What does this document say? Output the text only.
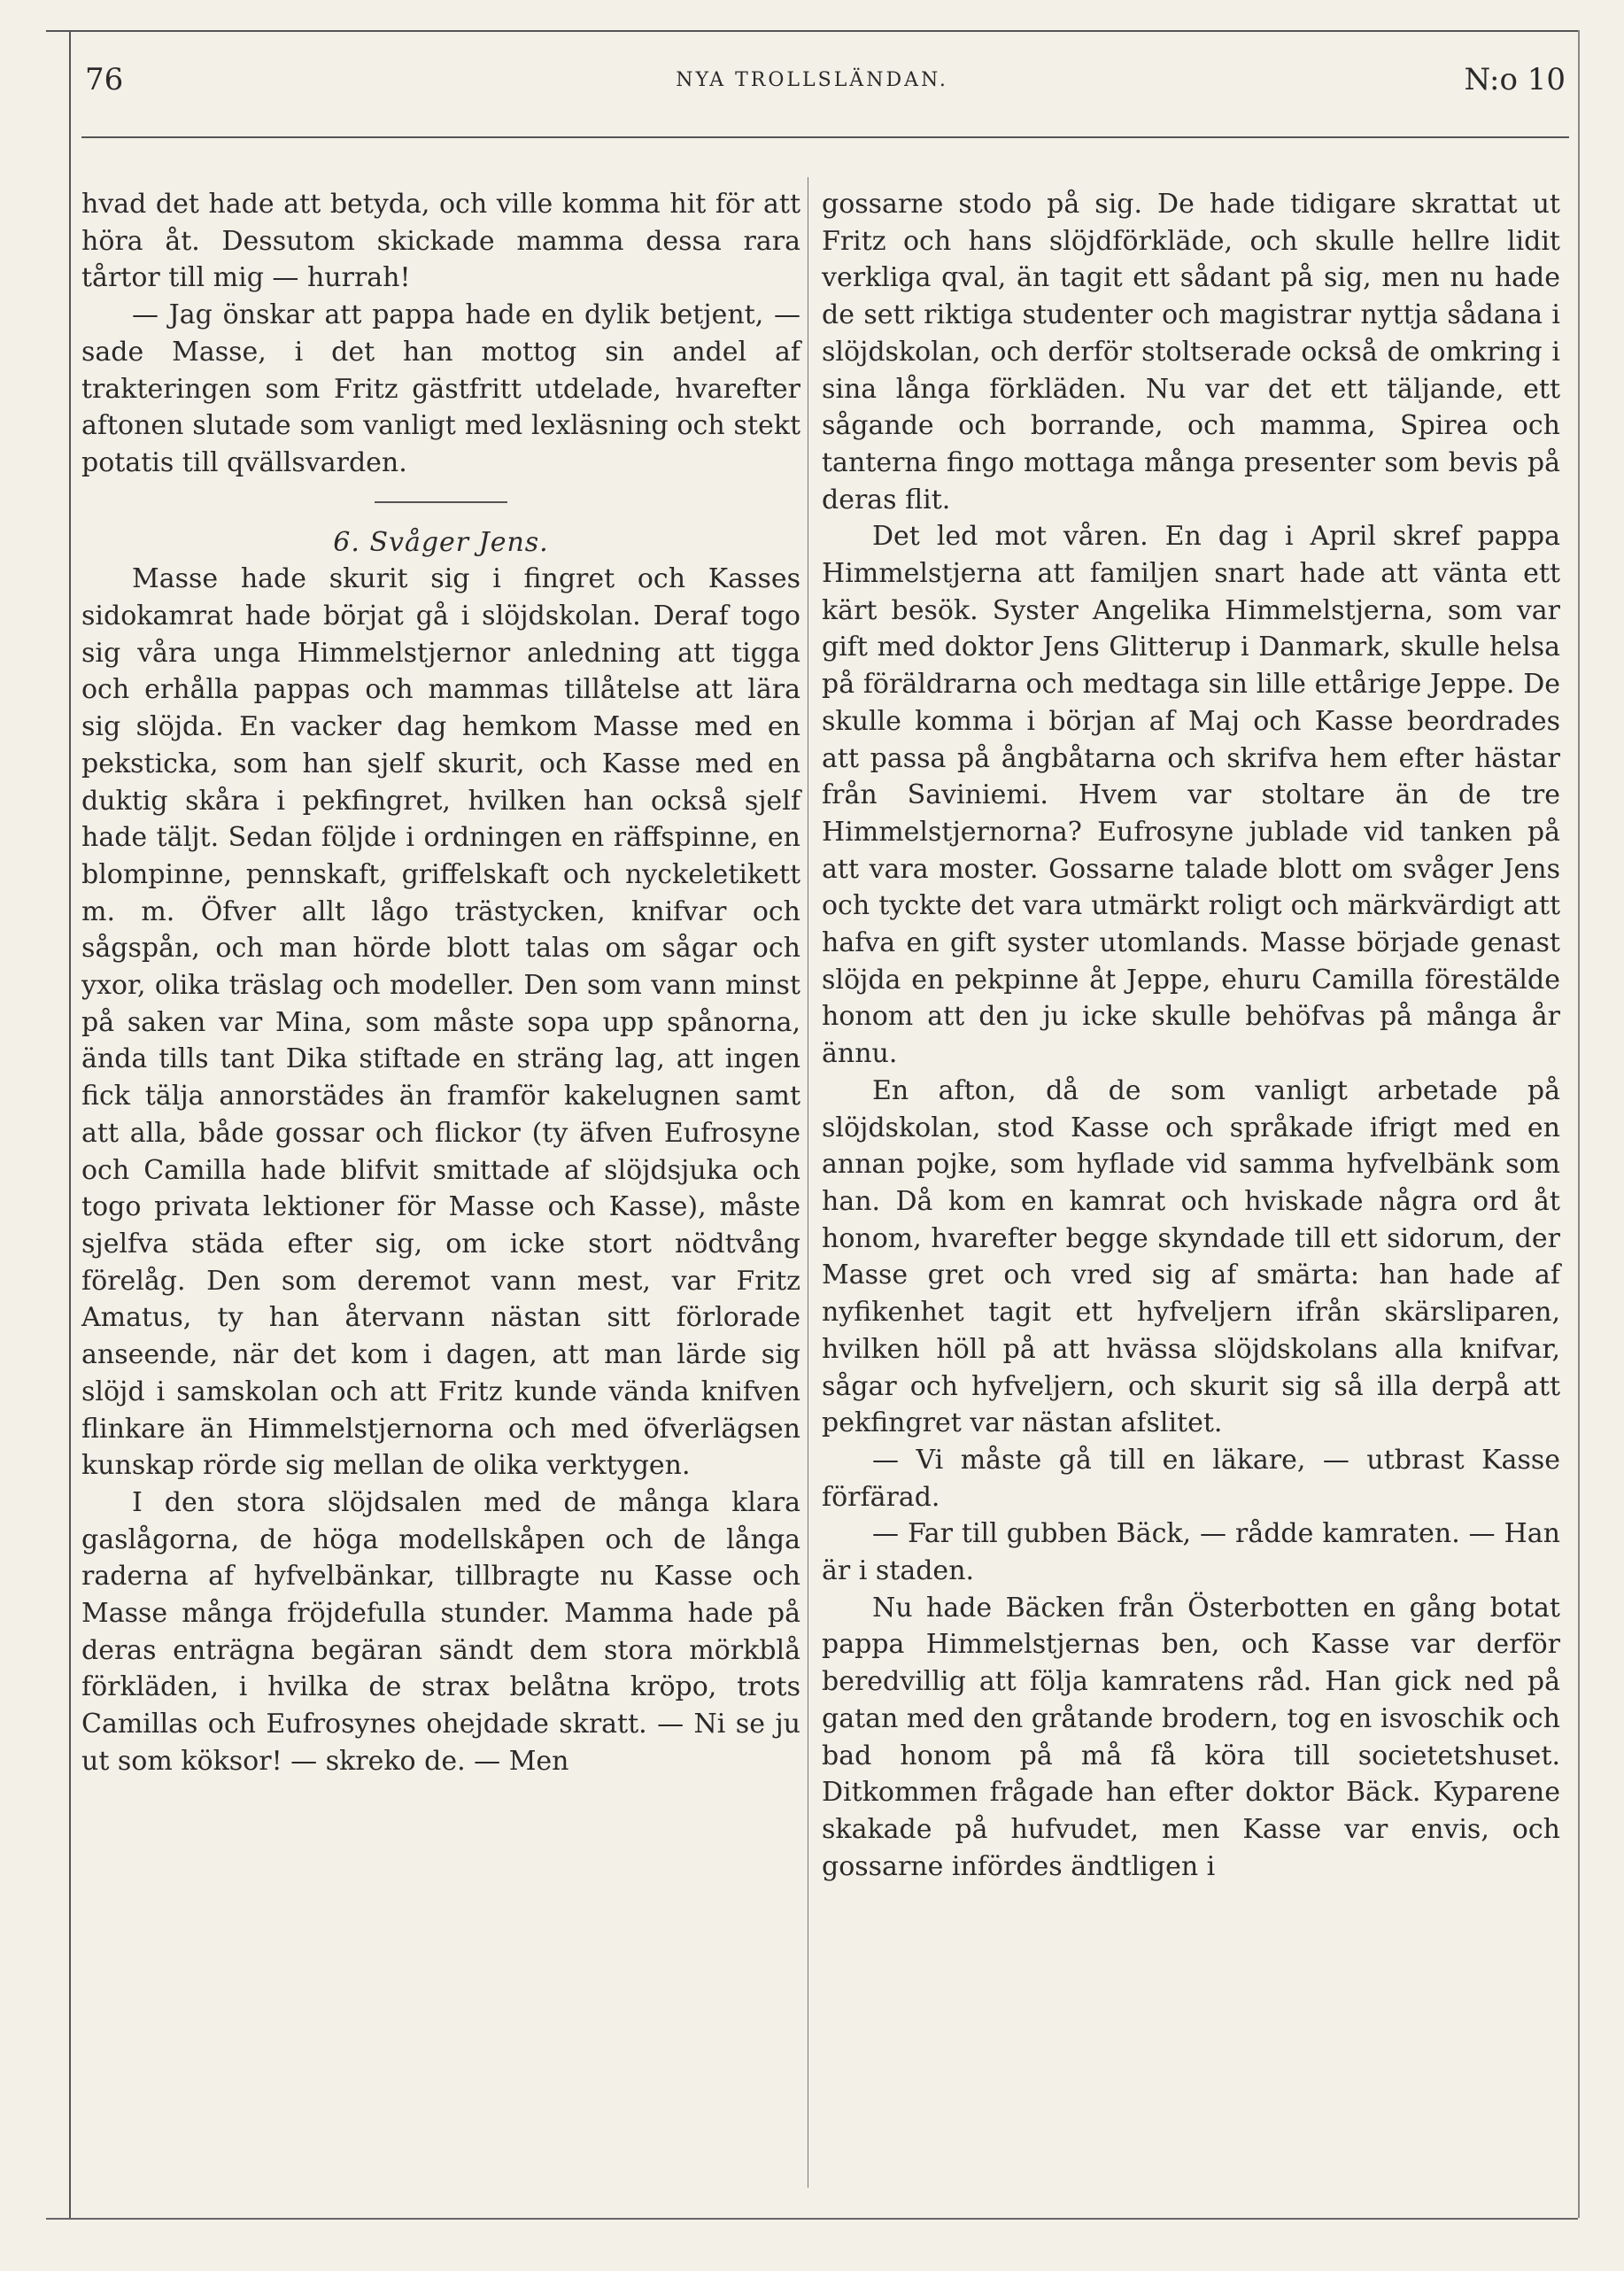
76	NYA TROLLSLÄNDAN.	N:o 10

hvad det hade att betyda, och ville komma hit för att höra åt. Dessutom skickade mamma dessa rara tårtor till mig — hurrah!

— Jag önskar att pappa hade en dylik betjent, — sade Masse, i det han mottog sin andel af trakteringen som Fritz gästfritt utdelade, hvarefter aftonen slutade som vanligt med lexläsning och stekt potatis till qvällsvarden.

6. Svåger Jens.

Masse hade skurit sig i fingret och Kasses sidokamrat hade börjat gå i slöjdskolan. Deraf togo sig våra unga Himmelstjernor anledning att tigga och erhålla pappas och mammas tillåtelse att lära sig slöjda. En vacker dag hemkom Masse med en peksticka, som han sjelf skurit, och Kasse med en duktig skåra i pekfingret, hvilken han också sjelf hade täljt. Sedan följde i ordningen en räffspinne, en blompinne, pennskaft, griffelskaft och nyckeletikett m. m. Öfver allt lågo trästycken, knifvar och sågspån, och man hörde blott talas om sågar och yxor, olika träslag och modeller. Den som vann minst på saken var Mina, som måste sopa upp spånorna, ända tills tant Dika stiftade en sträng lag, att ingen fick tälja annorstädes än framför kakelugnen samt att alla, både gossar och flickor (ty äfven Eufrosyne och Camilla hade blifvit smittade af slöjdsjuka och togo privata lektioner för Masse och Kasse), måste sjelfva städa efter sig, om icke stort nödtvång förelåg. Den som deremot vann mest, var Fritz Amatus, ty han återvann nästan sitt förlorade anseende, när det kom i dagen, att man lärde sig slöjd i samskolan och att Fritz kunde vända knifven flinkare än Himmelstjernorna och med öfverlägsen kunskap rörde sig mellan de olika verktygen.

I den stora slöjdsalen med de många klara gaslågorna, de höga modellskåpen och de långa raderna af hyfvelbänkar, tillbragte nu Kasse och Masse många fröjdefulla stunder. Mamma hade på deras enträgna begäran sändt dem stora mörkblå förkläden, i hvilka de strax belåtna kröpo, trots Camillas och Eufrosynes ohejdade skratt. — Ni se ju ut som köksor! — skreko de. — Men

gossarne stodo på sig. De hade tidigare skrattat ut Fritz och hans slöjdförkläde, och skulle hellre lidit verkliga qval, än tagit ett sådant på sig, men nu hade de sett riktiga studenter och magistrar nyttja sådana i slöjdskolan, och derför stoltserade också de omkring i sina långa förkläden. Nu var det ett täljande, ett sågande och borrande, och mamma, Spirea och tanterna fingo mottaga många presenter som bevis på deras flit.

Det led mot våren. En dag i April skref pappa Himmelstjerna att familjen snart hade att vänta ett kärt besök. Syster Angelika Himmelstjerna, som var gift med doktor Jens Glitterup i Danmark, skulle helsa på föräldrarna och medtaga sin lille ettårige Jeppe. De skulle komma i början af Maj och Kasse beordrades att passa på ångbåtarna och skrifva hem efter hästar från Saviniemi. Hvem var stoltare än de tre Himmelstjernorna? Eufrosyne jublade vid tanken på att vara moster. Gossarne talade blott om svåger Jens och tyckte det vara utmärkt roligt och märkvärdigt att hafva en gift syster utomlands. Masse började genast slöjda en pekpinne åt Jeppe, ehuru Camilla förestälde honom att den ju icke skulle behöfvas på många år ännu.

En afton, då de som vanligt arbetade på slöjdskolan, stod Kasse och språkade ifrigt med en annan pojke, som hyflade vid samma hyfvelbänk som han. Då kom en kamrat och hviskade några ord åt honom, hvarefter begge skyndade till ett sidorum, der Masse gret och vred sig af smärta: han hade af nyfikenhet tagit ett hyfveljern ifrån skärsliparen, hvilken höll på att hvässa slöjdskolans alla knifvar, sågar och hyfveljern, och skurit sig så illa derpå att pekfingret var nästan afslitet.

— Vi måste gå till en läkare, — utbrast Kasse förfärad.

— Far till gubben Bäck, — rådde kamraten. — Han är i staden.

Nu hade Bäcken från Österbotten en gång botat pappa Himmelstjernas ben, och Kasse var derför beredvillig att följa kamratens råd. Han gick ned på gatan med den gråtande brodern, tog en isvoschik och bad honom på må få köra till societetshuset. Ditkommen frågade han efter doktor Bäck. Kyparene skakade på hufvudet, men Kasse var envis, och gossarne infördes ändtligen i
